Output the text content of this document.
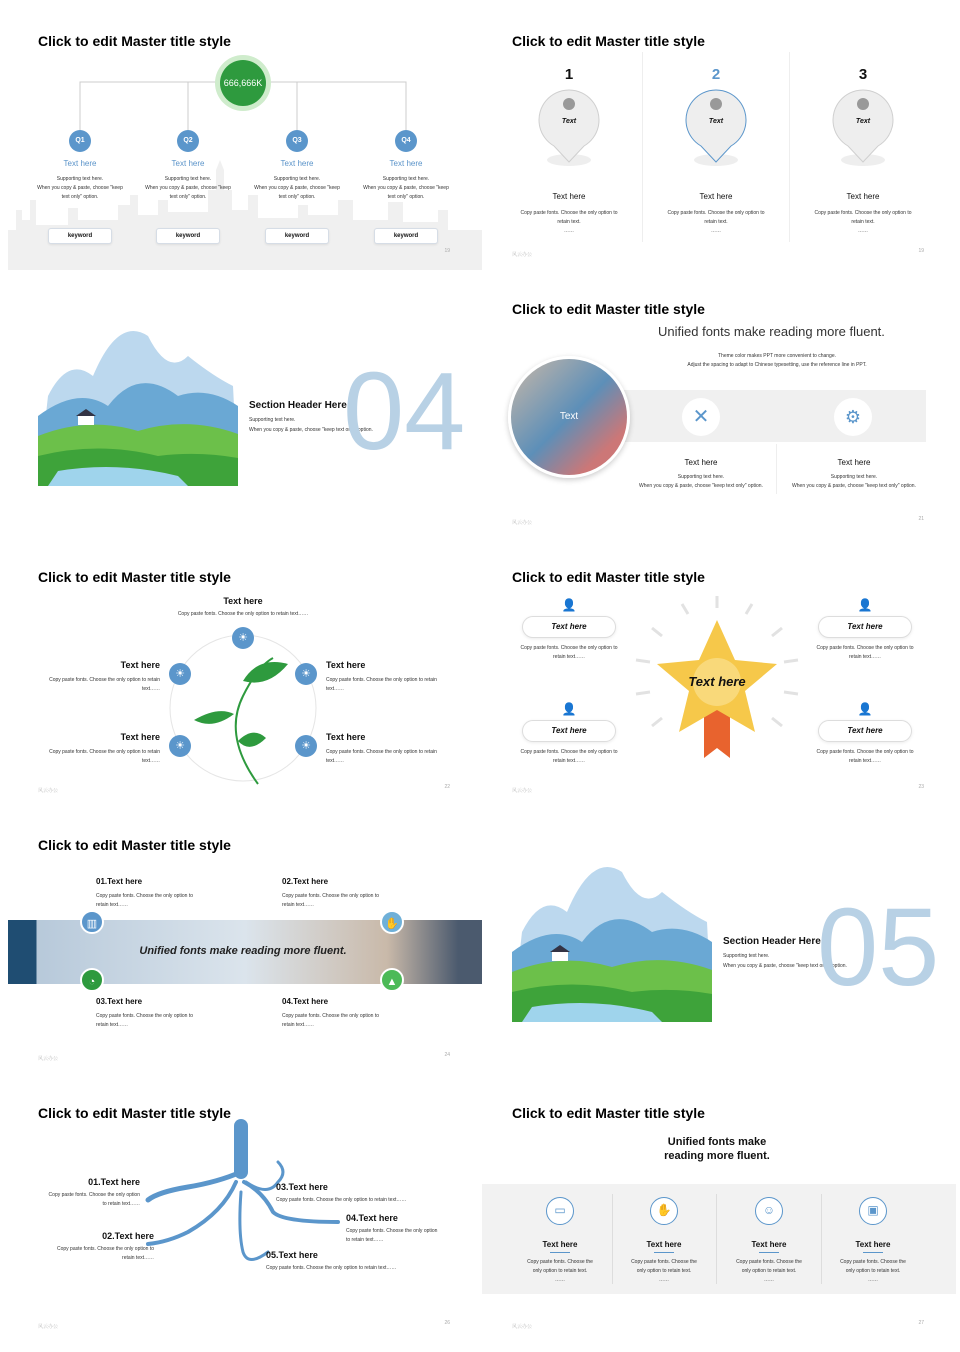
Click to edit Master title style
666,666K
Q1
Text here
Supporting text here.
When you copy & paste, choose "keep
text only" option.
keyword
Q2
Text here
Supporting text here.
When you copy & paste, choose "keep
text only" option.
keyword
Q3
Text here
Supporting text here.
When you copy & paste, choose "keep
text only" option.
keyword
Q4
Text here
Supporting text here.
When you copy & paste, choose "keep
text only" option.
keyword
19
Click to edit Master title style
1
Text
Text here
Copy paste fonts. Choose the only option to
retain text.
……
2
Text
Text here
Copy paste fonts. Choose the only option to
retain text.
……
3
Text
Text here
Copy paste fonts. Choose the only option to
retain text.
……
风云办公
19
Section Header Here
Supporting text here.
When you copy & paste, choose "keep text only" option.
04
Click to edit Master title style
Unified fonts make reading more fluent.
Theme color makes PPT more convenient to change.
Adjust the spacing to adapt to Chinese typesetting, use the reference line in PPT.
Text	✕	⚙
Text here
Supporting text here.
When you copy & paste, choose "keep text only" option.
Text here
Supporting text here.
When you copy & paste, choose "keep text only" option.
风云办公
21
Click to edit Master title style
Text here
Copy paste fonts. Choose the only option to retain text……
☀
☀	☀
☀	☀
Text here
Copy paste fonts. Choose the only option to retain
text……
Text here
Copy paste fonts. Choose the only option to retain
text……
Text here
Copy paste fonts. Choose the only option to retain
text……
Text here
Copy paste fonts. Choose the only option to retain
text……
风云办公
22
Click to edit Master title style
Text here
👤	👤
👤	👤
Text here
Copy paste fonts. Choose the only option to
retain text……
Text here
Copy paste fonts. Choose the only option to
retain text……
Text here
Copy paste fonts. Choose the only option to
retain text……
Text here
Copy paste fonts. Choose the only option to
retain text……
风云办公
23
Click to edit Master title style
Unified fonts make reading more fluent.
▥	✋
◔	▲
01.Text here
Copy paste fonts. Choose the only option to
retain text……
02.Text here
Copy paste fonts. Choose the only option to
retain text……
03.Text here
Copy paste fonts. Choose the only option to
retain text……
04.Text here
Copy paste fonts. Choose the only option to
retain text……
风云办公
24
Section Header Here
Supporting text here.
When you copy & paste, choose "keep text only" option.
05
Click to edit Master title style
01.Text here
Copy paste fonts. Choose the only option
to retain text……
02.Text here
Copy paste fonts. Choose the only option to
retain text……
03.Text here
Copy paste fonts. Choose the only option to retain text……
04.Text here
Copy paste fonts. Choose the only option
to retain text……
05.Text here
Copy paste fonts. Choose the only option to retain text……
风云办公
26
Click to edit Master title style
Unified fonts make
reading more fluent.
▭
Text here
Copy paste fonts. Choose the
only option to retain text.
……
✋
Text here
Copy paste fonts. Choose the
only option to retain text.
……
☺
Text here
Copy paste fonts. Choose the
only option to retain text.
……
▣
Text here
Copy paste fonts. Choose the
only option to retain text.
……
风云办公
27
